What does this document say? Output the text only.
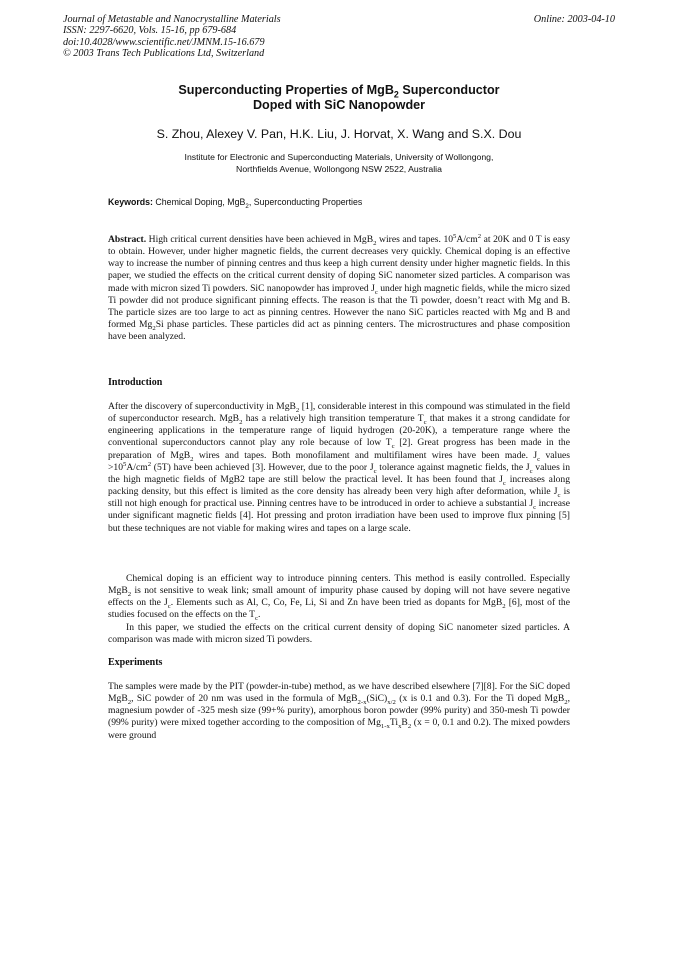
Journal of Metastable and Nanocrystalline Materials
ISSN: 2297-6620, Vols. 15-16, pp 679-684
doi:10.4028/www.scientific.net/JMNM.15-16.679
© 2003 Trans Tech Publications Ltd, Switzerland
Online: 2003-04-10
Superconducting Properties of MgB$_2$ Superconductor
Doped with SiC Nanopowder
S. Zhou, Alexey V. Pan, H.K. Liu, J. Horvat, X. Wang and S.X. Dou
Institute for Electronic and Superconducting Materials, University of Wollongong,
Northfields Avenue, Wollongong NSW 2522, Australia
Keywords: Chemical Doping, MgB$_2$, Superconducting Properties
Abstract. High critical current densities have been achieved in MgB$_2$ wires and tapes. $10^5A/cm^2$ at 20K and 0 T is easy to obtain. However, under higher magnetic fields, the current decreases very quickly. Chemical doping is an effective way to increase the number of pinning centres and thus keep a high current density under higher magnetic fields. In this paper, we studied the effects on the critical current density of doping SiC nanometer sized particles. A comparison was made with micron sized Ti powders. SiC nanopowder has improved $J_c$ under high magnetic fields, while the micro sized Ti powder did not produce significant pinning effects. The reason is that the Ti powder, doesn’t react with Mg and B. The particle sizes are too large to act as pinning centres. However the nano SiC particles reacted with Mg and B and formed $Mg_2Si$ phase particles. These particles did act as pinning centers. The microstructures and phase composition have been analyzed.
Introduction
After the discovery of superconductivity in MgB$_2$ [1], considerable interest in this compound was stimulated in the field of superconductor research. MgB$_2$ has a relatively high transition temperature $T_c$ that makes it a strong candidate for engineering applications in the temperature range of liquid hydrogen (20-20K), a temperature range where the conventional superconductors cannot play any role because of low $T_c$ [2]. Great progress has been made in the preparation of MgB$_2$ wires and tapes. Both monofilament and multifilament wires have been made. $J_c$ values $>10^5A/cm^2$ (5T) have been achieved [3]. However, due to the poor $J_c$ tolerance against magnetic fields, the $J_c$ values in the high magnetic fields of MgB2 tape are still below the practical level. It has been found that $J_c$ increases along packing density, but this effect is limited as the core density has already been very high after deformation, while $J_c$ is still not high enough for practical use. Pinning centres have to be introduced in order to achieve a substantial $J_c$ increase under significant magnetic fields [4]. Hot pressing and proton irradiation have been used to improve flux pinning [5] but these techniques are not viable for making wires and tapes on a large scale.
Chemical doping is an efficient way to introduce pinning centers. This method is easily controlled. Especially MgB$_2$ is not sensitive to weak link; small amount of impurity phase caused by doping will not have severe negative effects on the $J_c$. Elements such as Al, C, Co, Fe, Li, Si and Zn have been tried as dopants for MgB$_2$ [6], most of the studies focused on the effects on the $T_c$.
In this paper, we studied the effects on the critical current density of doping SiC nanometer sized particles. A comparison was made with micron sized Ti powders.
Experiments
The samples were made by the PIT (powder-in-tube) method, as we have described elsewhere [7][8]. For the SiC doped MgB$_2$, SiC powder of 20 nm was used in the formula of $MgB_{2-x}(SiC)_{x/2}$ (x is 0.1 and 0.3). For the Ti doped MgB$_2$, magnesium powder of -325 mesh size (99+% purity), amorphous boron powder (99% purity) and 350-mesh Ti powder (99% purity) were mixed together according to the composition of $Mg_{1-x}Ti_xB_2$ (x = 0, 0.1 and 0.2). The mixed powders were ground
